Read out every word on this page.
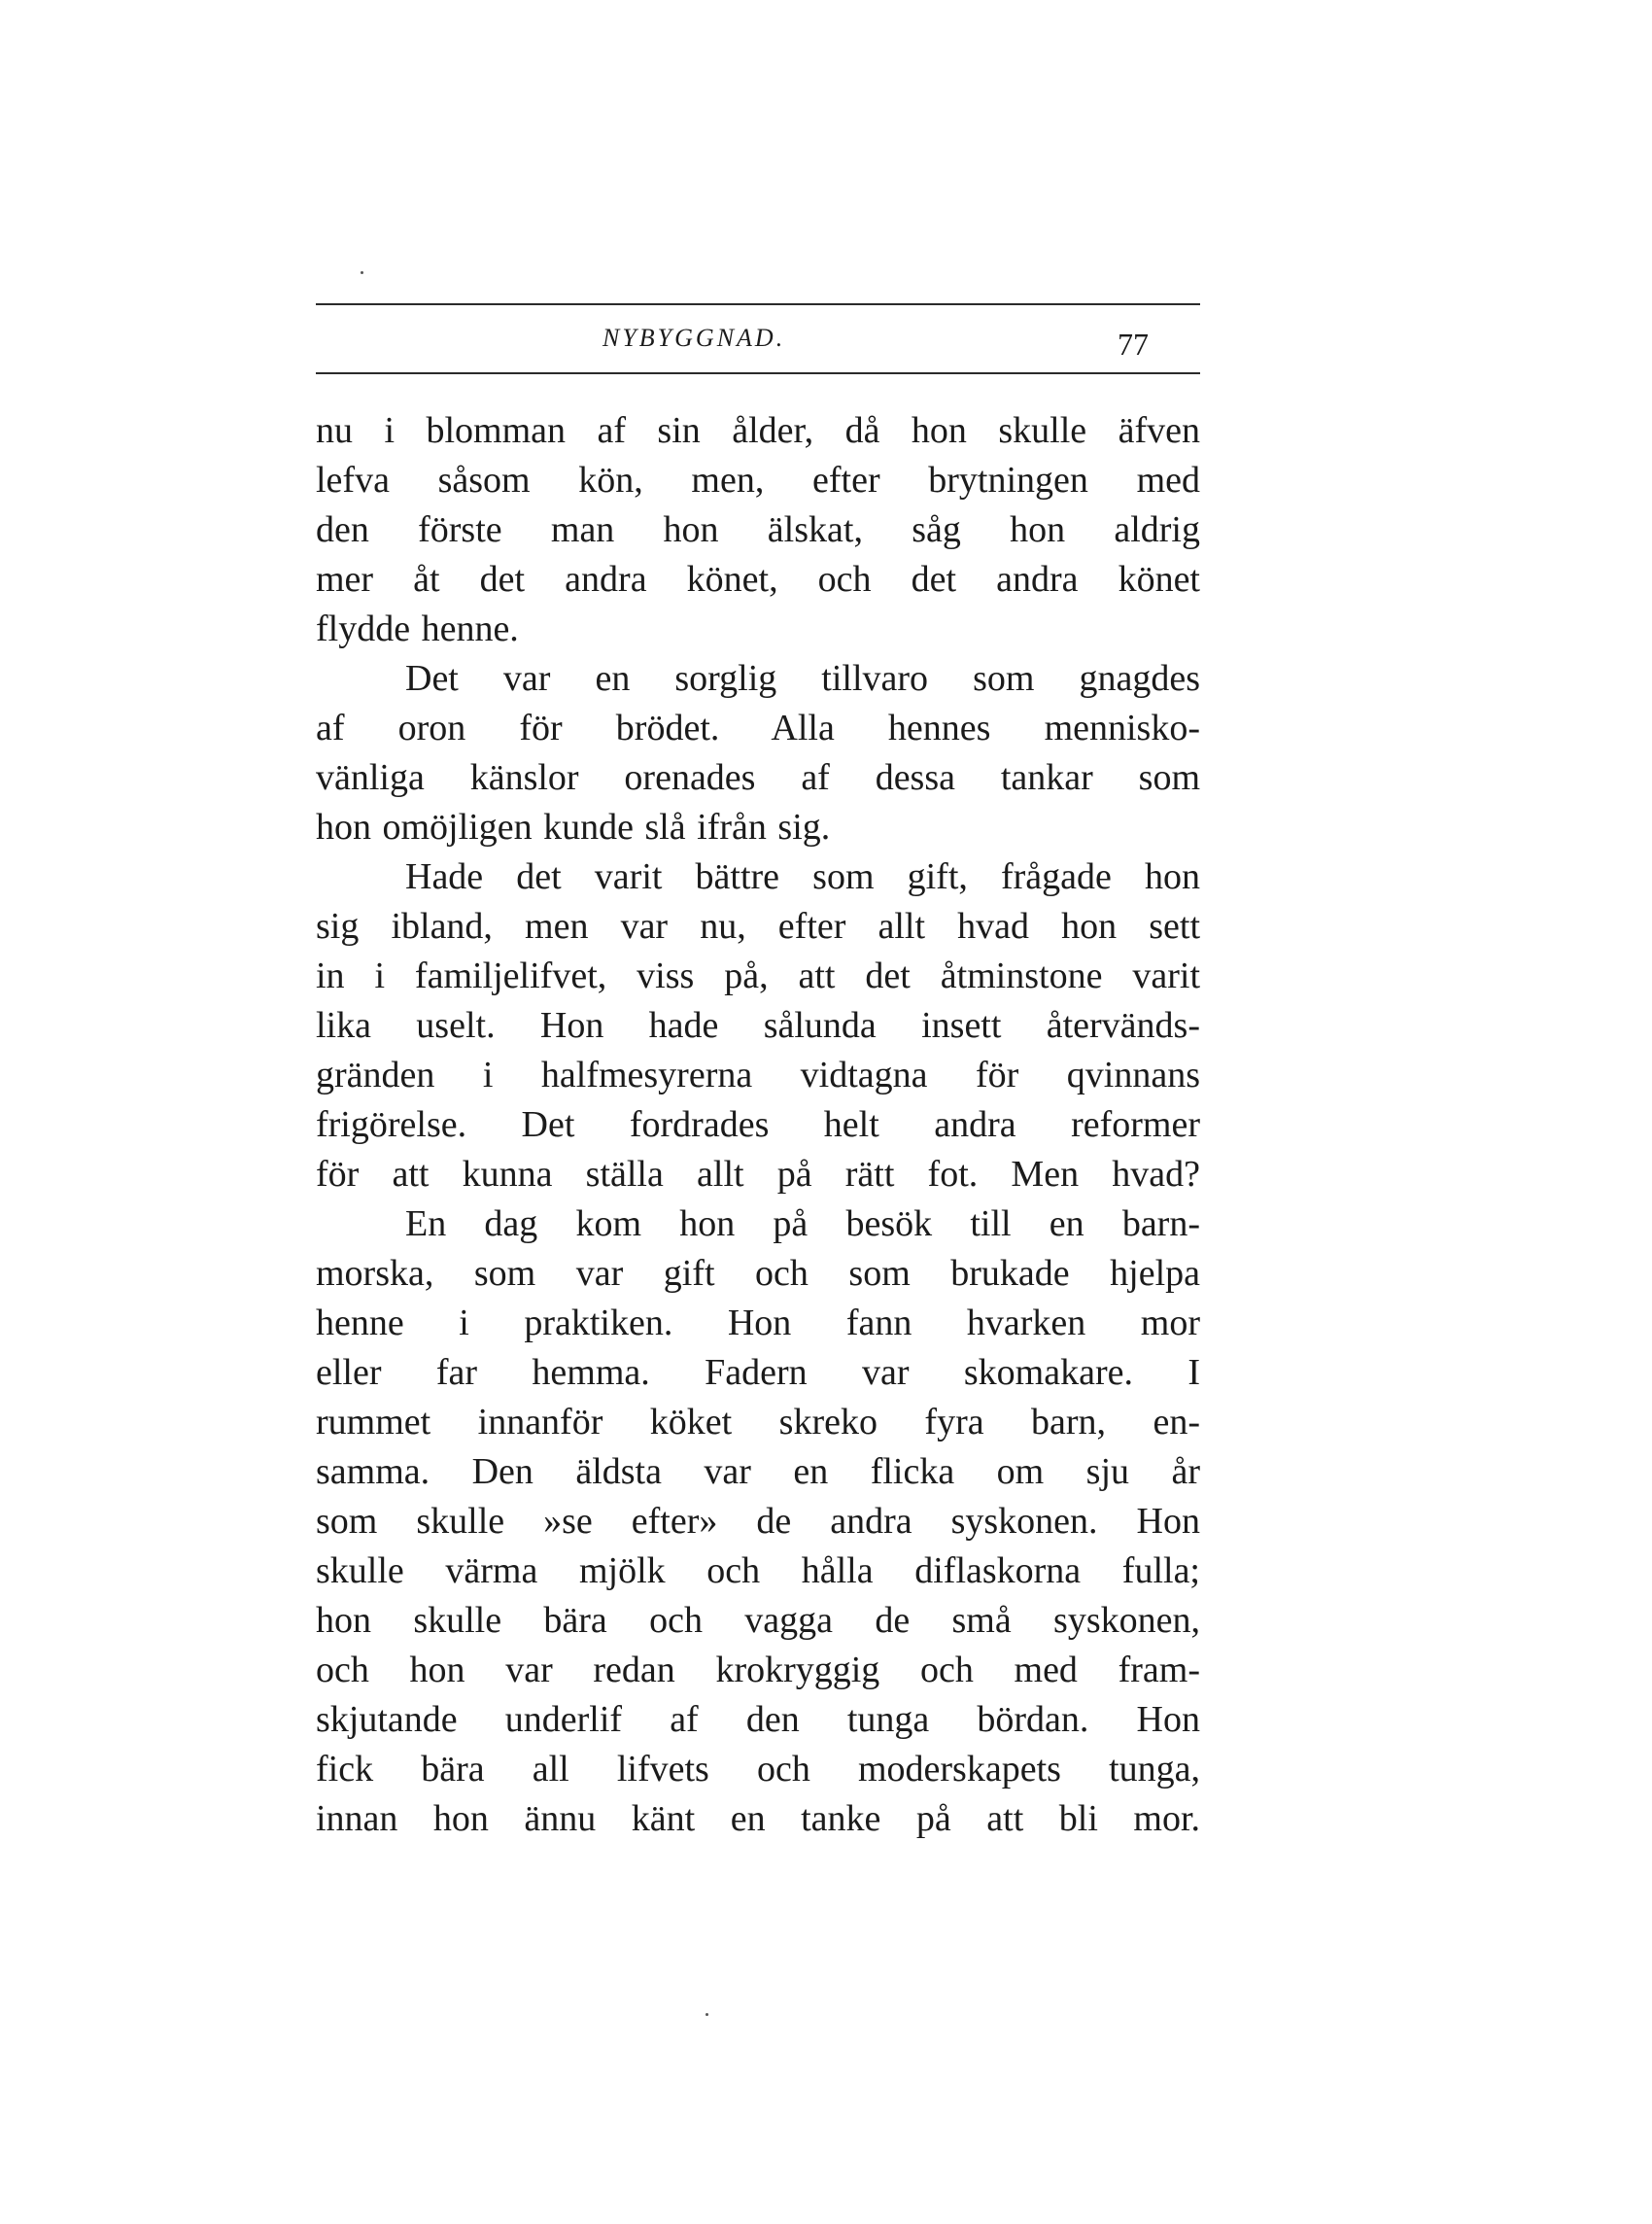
NYBYGGNAD.	77

nu i blomman af sin ålder, då hon skulle äfven
lefva såsom kön, men, efter brytningen med
den förste man hon älskat, såg hon aldrig
mer åt det andra könet, och det andra könet
flydde henne.

Det var en sorglig tillvaro som gnagdes
af oron för brödet. Alla hennes mennisko-
vänliga känslor orenades af dessa tankar som
hon omöjligen kunde slå ifrån sig.

Hade det varit bättre som gift, frågade hon
sig ibland, men var nu, efter allt hvad hon sett
in i familjelifvet, viss på, att det åtminstone varit
lika uselt. Hon hade sålunda insett återvänds-
gränden i halfmesyrerna vidtagna för qvinnans
frigörelse. Det fordrades helt andra reformer
för att kunna ställa allt på rätt fot. Men hvad?

En dag kom hon på besök till en barn-
morska, som var gift och som brukade hjelpa
henne i praktiken. Hon fann hvarken mor
eller far hemma. Fadern var skomakare. I
rummet innanför köket skreko fyra barn, en-
samma. Den äldsta var en flicka om sju år
som skulle »se efter» de andra syskonen. Hon
skulle värma mjölk och hålla diflaskorna fulla;
hon skulle bära och vagga de små syskonen,
och hon var redan krokryggig och med fram-
skjutande underlif af den tunga bördan. Hon
fick bära all lifvets och moderskapets tunga,
innan hon ännu känt en tanke på att bli mor.
